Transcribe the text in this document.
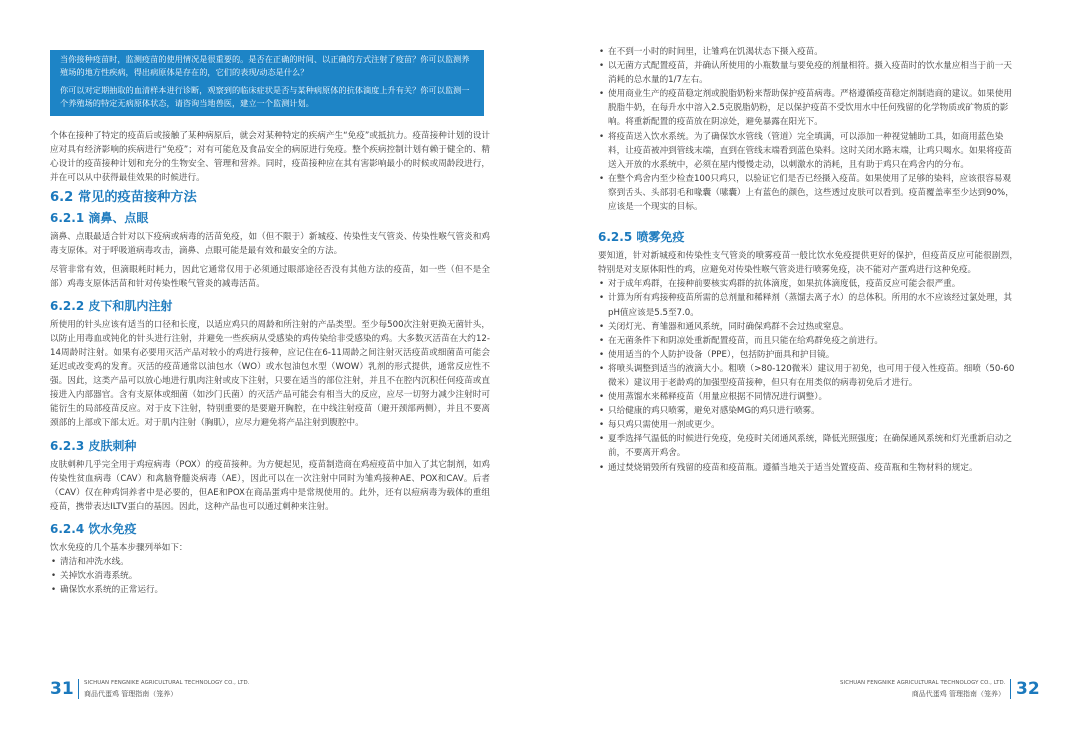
当你接种疫苗时，监测疫苗的使用情况是很重要的。是否在正确的时间、以正确的方式注射了疫苗？你可以监测养殖场的地方性疾病，得出病原体是存在的，它们的表现/动态是什么？

你可以对定期抽取的血清样本进行诊断，观察到的临床症状是否与某种病原体的抗体滴度上升有关？你可以监测一个养殖场的特定无病原体状态，请咨询当地兽医，建立一个监测计划。

个体在接种了特定的疫苗后或接触了某种病原后，就会对某种特定的疾病产生“免疫”或抵抗力。疫苗接种计划的设计应对具有经济影响的疾病进行“免疫”；对有可能危及食品安全的病原进行免疫。整个疾病控制计划有赖于健全的、精心设计的疫苗接种计划和充分的生物安全、管理和营养。同时，疫苗接种应在其有害影响最小的时候或周龄段进行，并在可以从中获得最佳效果的时候进行。

6.2 常见的疫苗接种方法
6.2.1 滴鼻、点眼

滴鼻、点眼最适合针对以下疫病或病毒的活苗免疫，如（但不限于）新城疫、传染性支气管炎、传染性喉气管炎和鸡毒支原体。对于呼吸道病毒攻击，滴鼻、点眼可能是最有效和最安全的方法。

尽管非常有效，但滴眼耗时耗力，因此它通常仅用于必须通过眼部途径否没有其他方法的疫苗，如一些（但不是全部）鸡毒支原体活苗和针对传染性喉气管炎的减毒活苗。

6.2.2 皮下和肌内注射

所使用的针头应该有适当的口径和长度，以适应鸡只的周龄和所注射的产品类型。至少每500次注射更换无菌针头，以防止用毒血或钝化的针头进行注射，并避免一些疾病从受感染的鸡传染给非受感染的鸡。大多数灭活苗在大约12-14周龄时注射。如果有必要用灭活产品对较小的鸡进行接种，应记住在6-11周龄之间注射灭活疫苗或细菌苗可能会延迟或改变鸡的发育。灭活的疫苗通常以油包水（WO）或水包油包水型（WOW）乳剂的形式提供，通常反应性不强。因此，这类产品可以放心地进行肌肉注射或皮下注射，只要在适当的部位注射，并且不在腔内沉积任何疫苗或直接进入内部器官。含有支原体或细菌（如沙门氏菌）的灭活产品可能会有相当大的反应，应尽一切努力减少注射时可能衍生的局部疫苗反应。对于皮下注射，特别重要的是要避开胸腔，在中线注射疫苗（避开颈部两侧），并且不要离颈部的上部或下部太近。对于肌内注射（胸肌），应尽力避免将产品注射到腹腔中。

6.2.3 皮肤刺种

皮肤刺种几乎完全用于鸡痘病毒（POX）的疫苗接种。为方便起见，疫苗制造商在鸡痘疫苗中加入了其它制剂，如鸡传染性贫血病毒（CAV）和禽脑脊髓炎病毒（AE），因此可以在一次注射中同时为雏鸡接种AE、POX和CAV。后者（CAV）仅在种鸡饲养者中是必要的，但AE和POX在商品蛋鸡中是常规使用的。此外，还有以痘病毒为载体的重组疫苗，携带表达ILTV蛋白的基因。因此，这种产品也可以通过刺种来注射。

6.2.4 饮水免疫

饮水免疫的几个基本步骤列举如下：

• 清洁和冲洗水线。
• 关掉饮水消毒系统。
• 确保饮水系统的正常运行。
31 SICHUAN FENGNIKE AGRICULTURAL TECHNOLOGY CO., LTD.
商品代蛋鸡 管理指南（笼养）
• 在不到一小时的时间里，让雏鸡在饥渴状态下摄入疫苗。
• 以无菌方式配置疫苗，并确认所使用的小瓶数量与要免疫的剂量相符。摄入疫苗时的饮水量应相当于前一天消耗的总水量的1/7左右。
• 使用商业生产的疫苗稳定剂或脱脂奶粉来帮助保护疫苗病毒。严格遵循疫苗稳定剂制造商的建议。如果使用脱脂牛奶，在每升水中溶入2.5克脱脂奶粉，足以保护疫苗不受饮用水中任何残留的化学物质或矿物质的影响。将重新配置的疫苗放在阴凉处，避免暴露在阳光下。
• 将疫苗送入饮水系统。为了确保饮水管线（管道）完全填满，可以添加一种视觉辅助工具，如商用蓝色染料，让疫苗被冲到管线末端，直到在管线末端看到蓝色染料。这时关闭水路末端，让鸡只喝水。如果将疫苗送入开放的水系统中，必须在屋内慢慢走动，以刺激水的消耗，且有助于鸡只在鸡舍内的分布。
• 在整个鸡舍内至少检查100只鸡只，以验证它们是否已经摄入疫苗。如果使用了足够的染料，应该很容易观察到舌头、头部羽毛和喙囊（嗉囊）上有蓝色的颜色，这些透过皮肤可以看到。疫苗覆盖率至少达到90%，应该是一个现实的目标。
6.2.5 喷雾免疫

要知道，针对新城疫和传染性支气管炎的喷雾疫苗一般比饮水免疫提供更好的保护，但疫苗反应可能很剧烈，特别是对支原体阳性的鸡，应避免对传染性喉气管炎进行喷雾免疫，决不能对产蛋鸡进行这种免疫。

• 对于成年鸡群，在接种前要核实鸡群的抗体滴度，如果抗体滴度低，疫苗反应可能会很严重。
• 计算为所有鸡接种疫苗所需的总剂量和稀释剂（蒸馏去离子水）的总体积。所用的水不应该经过氯处理，其pH值应该是5.5至7.0。
• 关闭灯光、育雏器和通风系统，同时确保鸡群不会过热或窒息。
• 在无菌条件下和阴凉处重新配置疫苗，而且只能在给鸡群免疫之前进行。
• 使用适当的个人防护设备（PPE），包括防护面具和护目镜。
• 将喷头调整到适当的液滴大小。粗喷（>80-120微米）建议用于初免，也可用于侵入性疫苗。细喷（50-60微米）建议用于老龄鸡的加强型疫苗接种，但只有在用类似的病毒初免后才进行。
• 使用蒸馏水来稀释疫苗（用量应根据不同情况进行调整）。
• 只给健康的鸡只喷雾，避免对感染MG的鸡只进行喷雾。
• 每只鸡只需使用一剂或更少。
• 夏季选择气温低的时候进行免疫，免疫时关闭通风系统，降低光照强度；在确保通风系统和灯光重新启动之前，不要离开鸡舍。
• 通过焚烧销毁所有残留的疫苗和疫苗瓶。遵循当地关于适当处置疫苗、疫苗瓶和生物材料的规定。
SICHUAN FENGNIKE AGRICULTURAL TECHNOLOGY CO., LTD.
商品代蛋鸡 管理指南（笼养） 32
